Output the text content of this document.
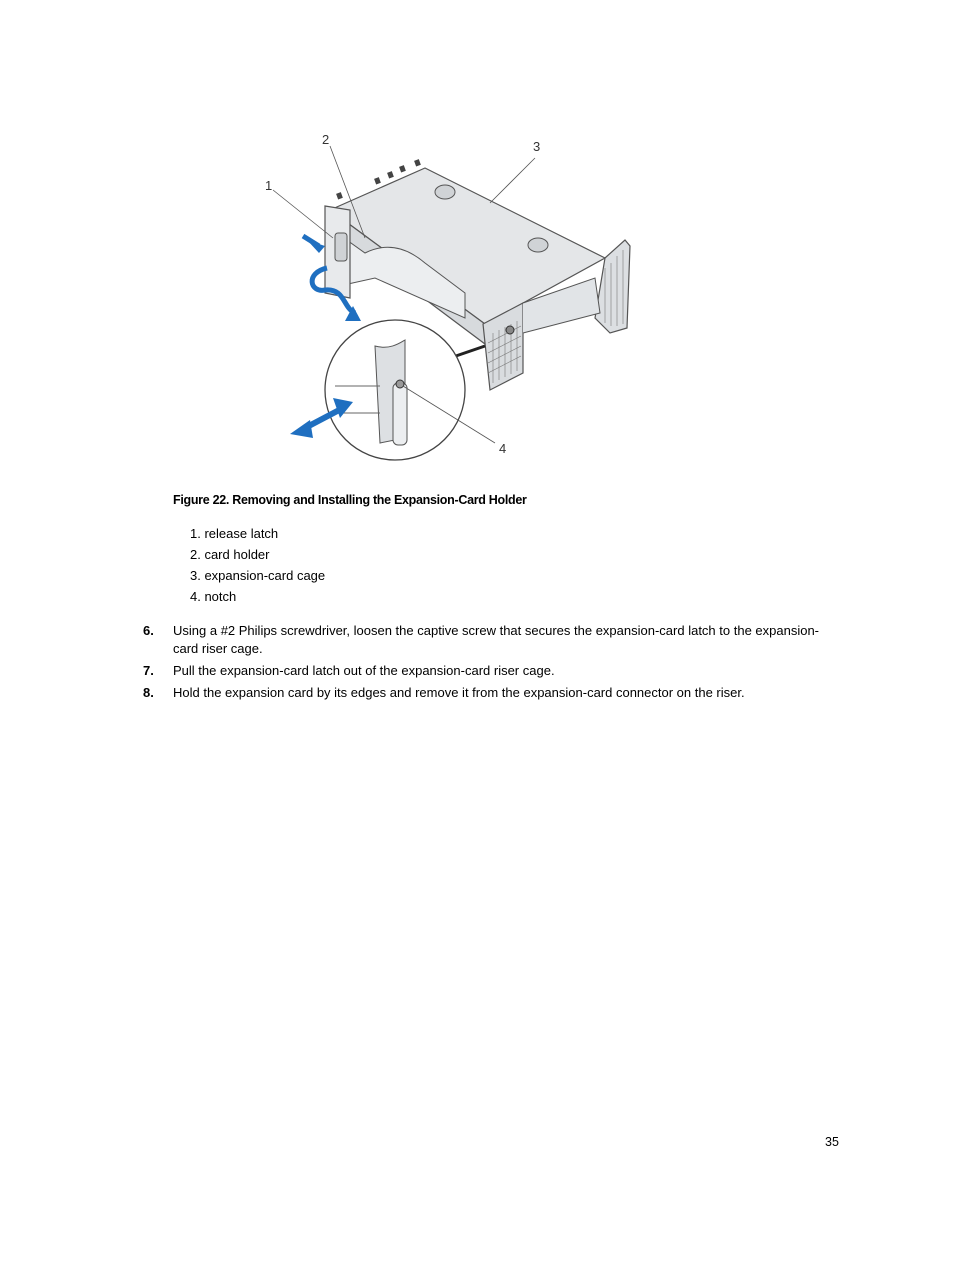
1
2	3
4
Figure 22. Removing and Installing the Expansion-Card Holder
1. release latch
2. card holder
3. expansion-card cage
4. notch
6. Using a #2 Philips screwdriver, loosen the captive screw that secures the expansion-card latch to the expansion-card riser cage.
7. Pull the expansion-card latch out of the expansion-card riser cage.
8. Hold the expansion card by its edges and remove it from the expansion-card connector on the riser.
35
